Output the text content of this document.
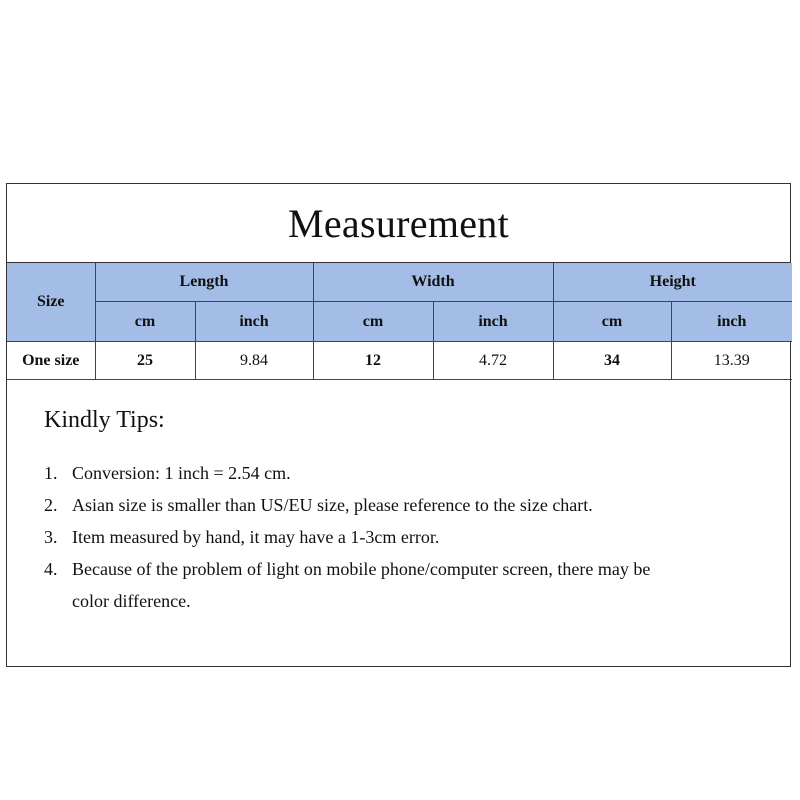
Measurement
Size	Length		Width		Height	
	cm	inch	cm	inch	cm	inch
One size	25	9.84	12	4.72	34	13.39
Kindly Tips:
1. Conversion: 1 inch = 2.54 cm.
2. Asian size is smaller than US/EU size, please reference to the size chart.
3. Item measured by hand, it may have a 1-3cm error.
4. Because of the problem of light on mobile phone/computer screen, there may be color difference.
